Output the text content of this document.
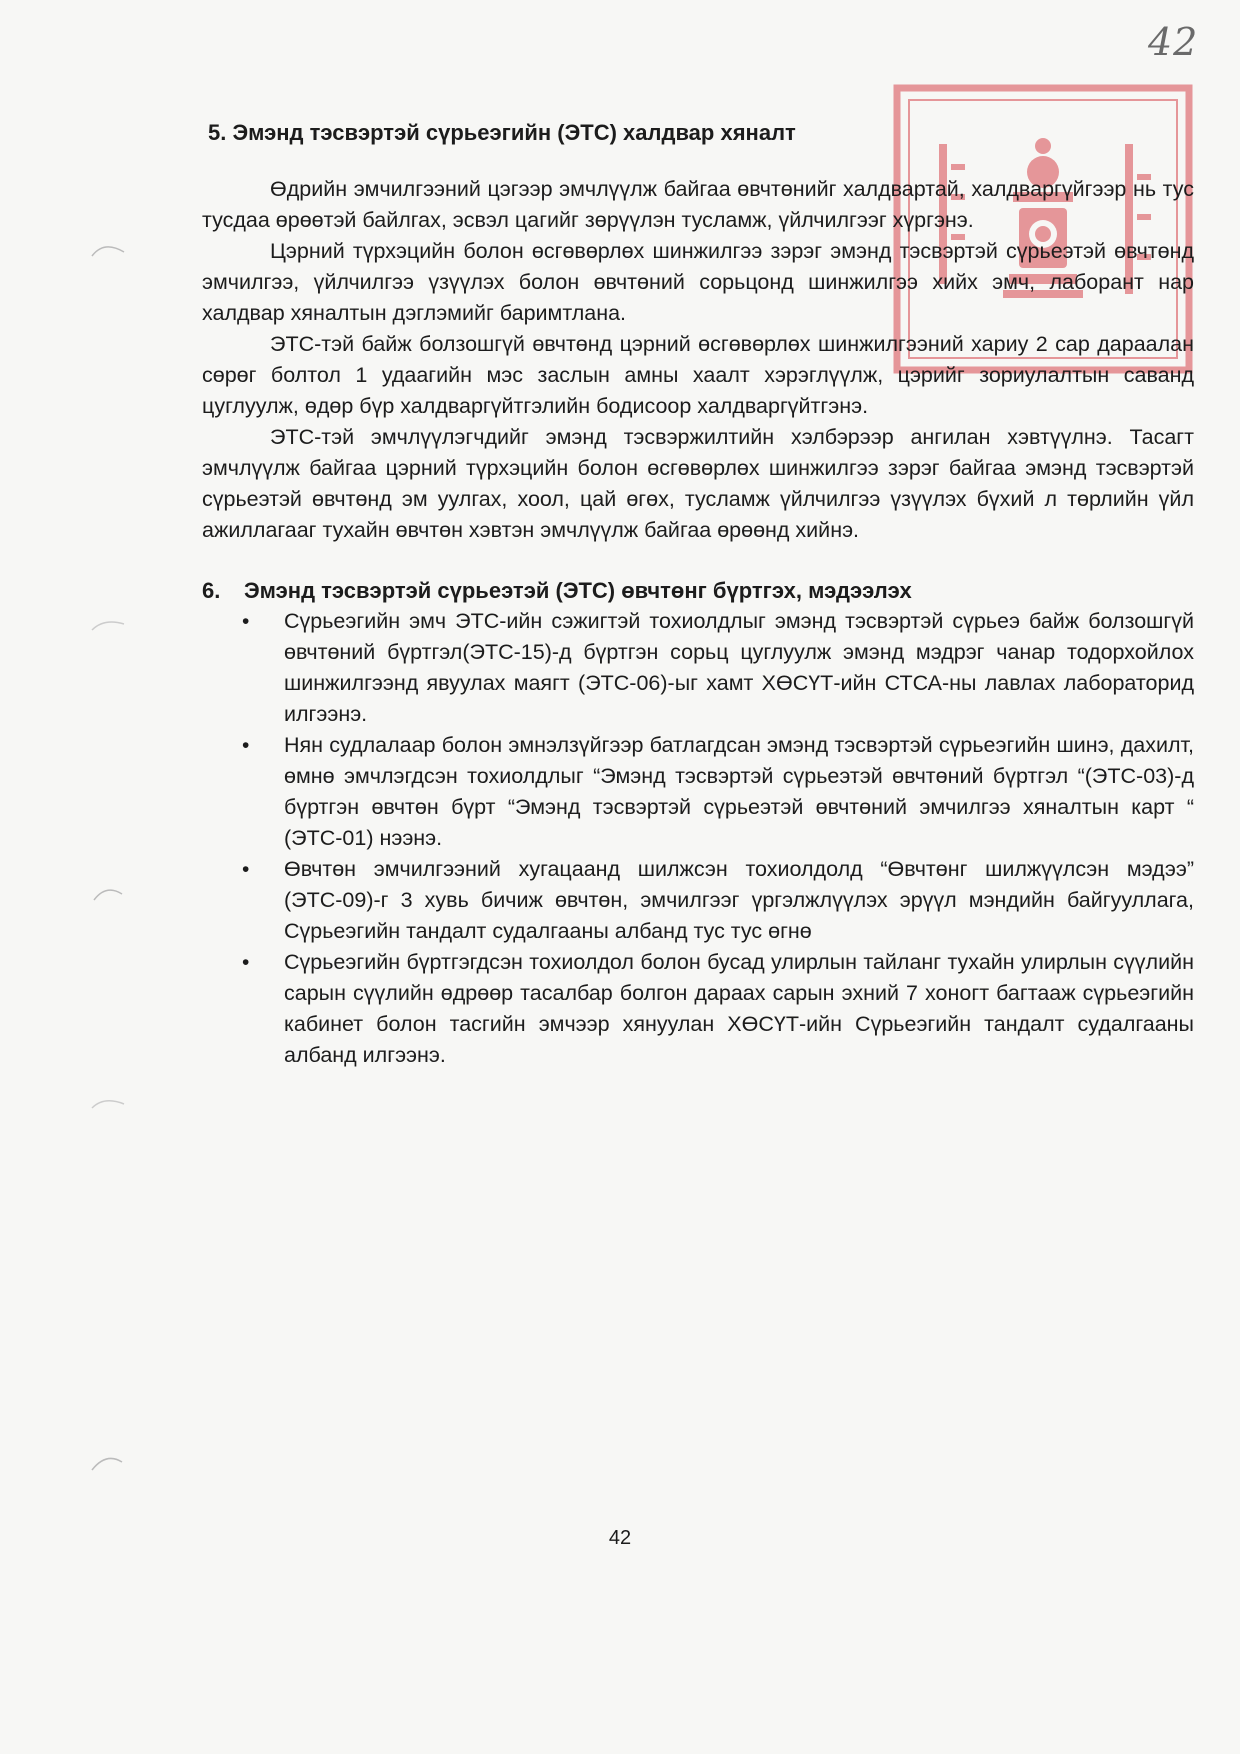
42
5. Эмэнд тэсвэртэй сүрьеэгийн (ЭТС) халдвар хяналт

Өдрийн эмчилгээний цэгээр эмчлүүлж байгаа өвчтөнийг халдвартай, халдваргүйгээр нь тус тусдаа өрөөтэй байлгах, эсвэл цагийг зөрүүлэн тусламж, үйлчилгээг хүргэнэ.

Цэрний түрхэцийн болон өсгөвөрлөх шинжилгээ зэрэг эмэнд тэсвэртэй сүрьеэтэй өвчтөнд эмчилгээ, үйлчилгээ үзүүлэх болон өвчтөний сорьцонд шинжилгээ хийх эмч, лаборант нар халдвар хяналтын дэглэмийг баримтлана.

ЭТС-тэй байж болзошгүй өвчтөнд цэрний өсгөвөрлөх шинжилгээний хариу 2 сар дараалан сөрөг болтол 1 удаагийн мэс заслын амны хаалт хэрэглүүлж, цэрийг зориулалтын саванд цуглуулж, өдөр бүр халдваргүйтгэлийн бодисоор халдваргүйтгэнэ.

ЭТС-тэй эмчлүүлэгчдийг эмэнд тэсвэржилтийн хэлбэрээр ангилан хэвтүүлнэ. Тасагт эмчлүүлж байгаа цэрний түрхэцийн болон өсгөвөрлөх шинжилгээ зэрэг байгаа эмэнд тэсвэртэй сүрьеэтэй өвчтөнд эм уулгах, хоол, цай өгөх, тусламж үйлчилгээ үзүүлэх бүхий л төрлийн үйл ажиллагааг тухайн өвчтөн хэвтэн эмчлүүлж байгаа өрөөнд хийнэ.

6.	Эмэнд тэсвэртэй сүрьеэтэй (ЭТС) өвчтөнг бүртгэх, мэдээлэх
• Сүрьеэгийн эмч ЭТС-ийн сэжигтэй тохиолдлыг эмэнд тэсвэртэй сүрьеэ байж болзошгүй өвчтөний бүртгэл(ЭТС-15)-д бүртгэн сорьц цуглуулж эмэнд мэдрэг чанар тодорхойлох шинжилгээнд явуулах маягт (ЭТС-06)-ыг хамт ХӨСҮТ-ийн СТСА-ны лавлах лабораторид илгээнэ.
• Нян судлалаар болон эмнэлзүйгээр батлагдсан эмэнд тэсвэртэй сүрьеэгийн шинэ, дахилт, өмнө эмчлэгдсэн тохиолдлыг “Эмэнд тэсвэртэй сүрьеэтэй өвчтөний бүртгэл “(ЭТС-03)-д бүртгэн өвчтөн бүрт “Эмэнд тэсвэртэй сүрьеэтэй өвчтөний эмчилгээ хяналтын карт “ (ЭТС-01) нээнэ.
• Өвчтөн эмчилгээний хугацаанд шилжсэн тохиолдолд “Өвчтөнг шилжүүлсэн мэдээ” (ЭТС-09)-г 3 хувь бичиж өвчтөн, эмчилгээг үргэлжлүүлэх эрүүл мэндийн байгууллага, Сүрьеэгийн тандалт судалгааны албанд тус тус өгнө
• Сүрьеэгийн бүртгэгдсэн тохиолдол болон бусад улирлын тайланг тухайн улирлын сүүлийн сарын сүүлийн өдрөөр тасалбар болгон дараах сарын эхний 7 хоногт багтааж сүрьеэгийн кабинет болон тасгийн эмчээр хянуулан ХӨСҮТ-ийн Сүрьеэгийн тандалт судалгааны албанд илгээнэ.
42
